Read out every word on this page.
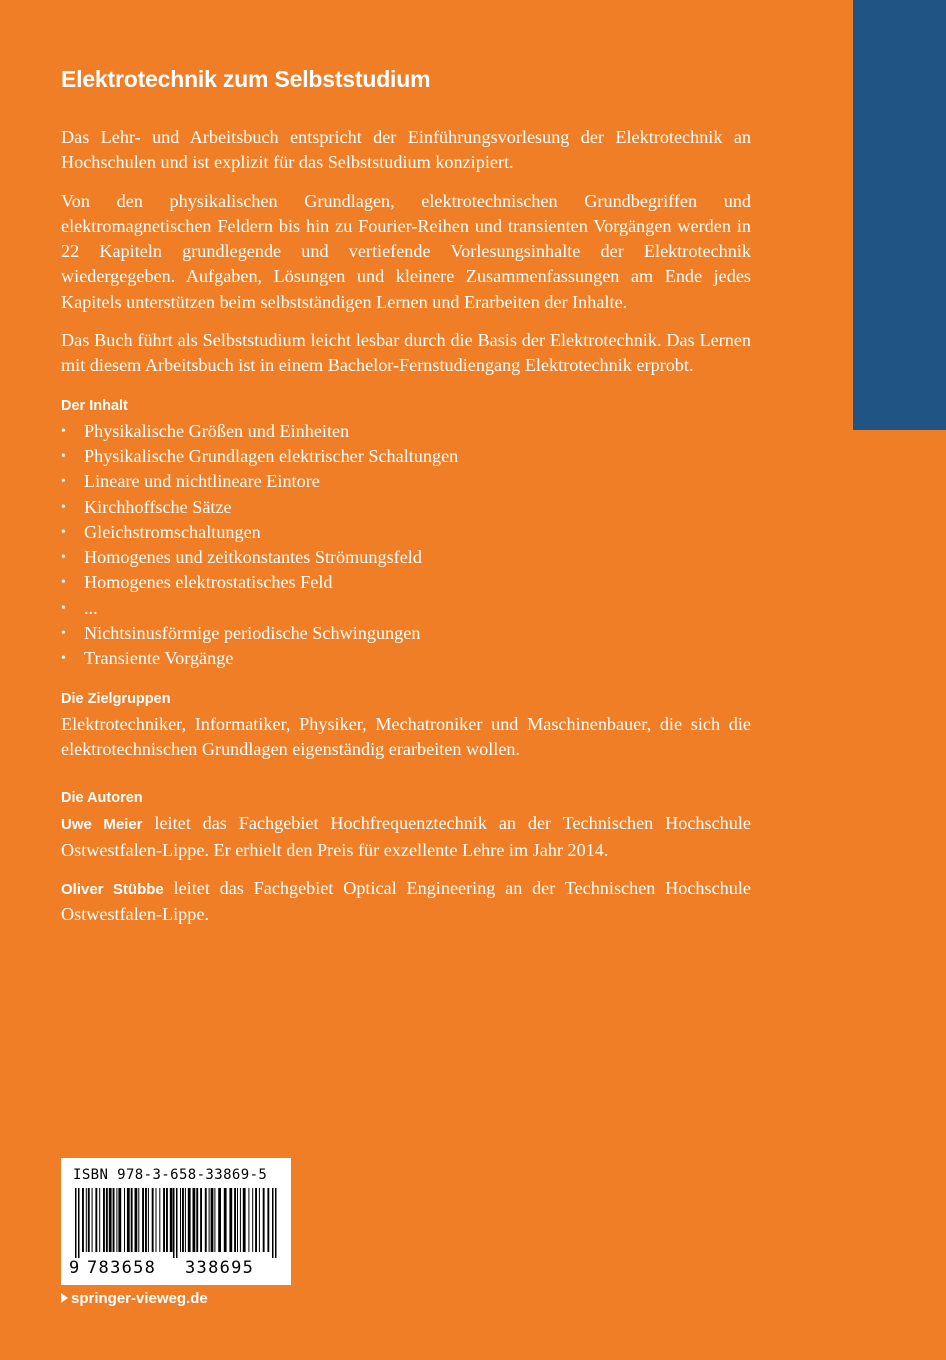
Elektrotechnik zum Selbststudium

Das Lehr- und Arbeitsbuch entspricht der Einführungsvorlesung der Elektrotechnik an Hochschulen und ist explizit für das Selbststudium konzipiert.

Von den physikalischen Grundlagen, elektrotechnischen Grundbegriffen und elektromagnetischen Feldern bis hin zu Fourier-Reihen und transienten Vorgängen werden in 22 Kapiteln grundlegende und vertiefende Vorlesungsinhalte der Elektrotechnik wiedergegeben. Aufgaben, Lösungen und kleinere Zusammenfassungen am Ende jedes Kapitels unterstützen beim selbstständigen Lernen und Erarbeiten der Inhalte.

Das Buch führt als Selbststudium leicht lesbar durch die Basis der Elektrotechnik. Das Lernen mit diesem Arbeitsbuch ist in einem Bachelor-Fernstudiengang Elektrotechnik erprobt.

Der Inhalt
• Physikalische Größen und Einheiten
• Physikalische Grundlagen elektrischer Schaltungen
• Lineare und nichtlineare Eintore
• Kirchhoffsche Sätze
• Gleichstromschaltungen
• Homogenes und zeitkonstantes Strömungsfeld
• Homogenes elektrostatisches Feld
• ...
• Nichtsinusförmige periodische Schwingungen
• Transiente Vorgänge
Die Zielgruppen

Elektrotechniker, Informatiker, Physiker, Mechatroniker und Maschinenbauer, die sich die elektrotechnischen Grundlagen eigenständig erarbeiten wollen.

Die Autoren

Uwe Meier leitet das Fachgebiet Hochfrequenztechnik an der Technischen Hochschule Ostwestfalen-Lippe. Er erhielt den Preis für exzellente Lehre im Jahr 2014.

Oliver Stübbe leitet das Fachgebiet Optical Engineering an der Technischen Hochschule Ostwestfalen-Lippe.

ISBN 978-3-658-33869-5
9 783658 338695
springer-vieweg.de
